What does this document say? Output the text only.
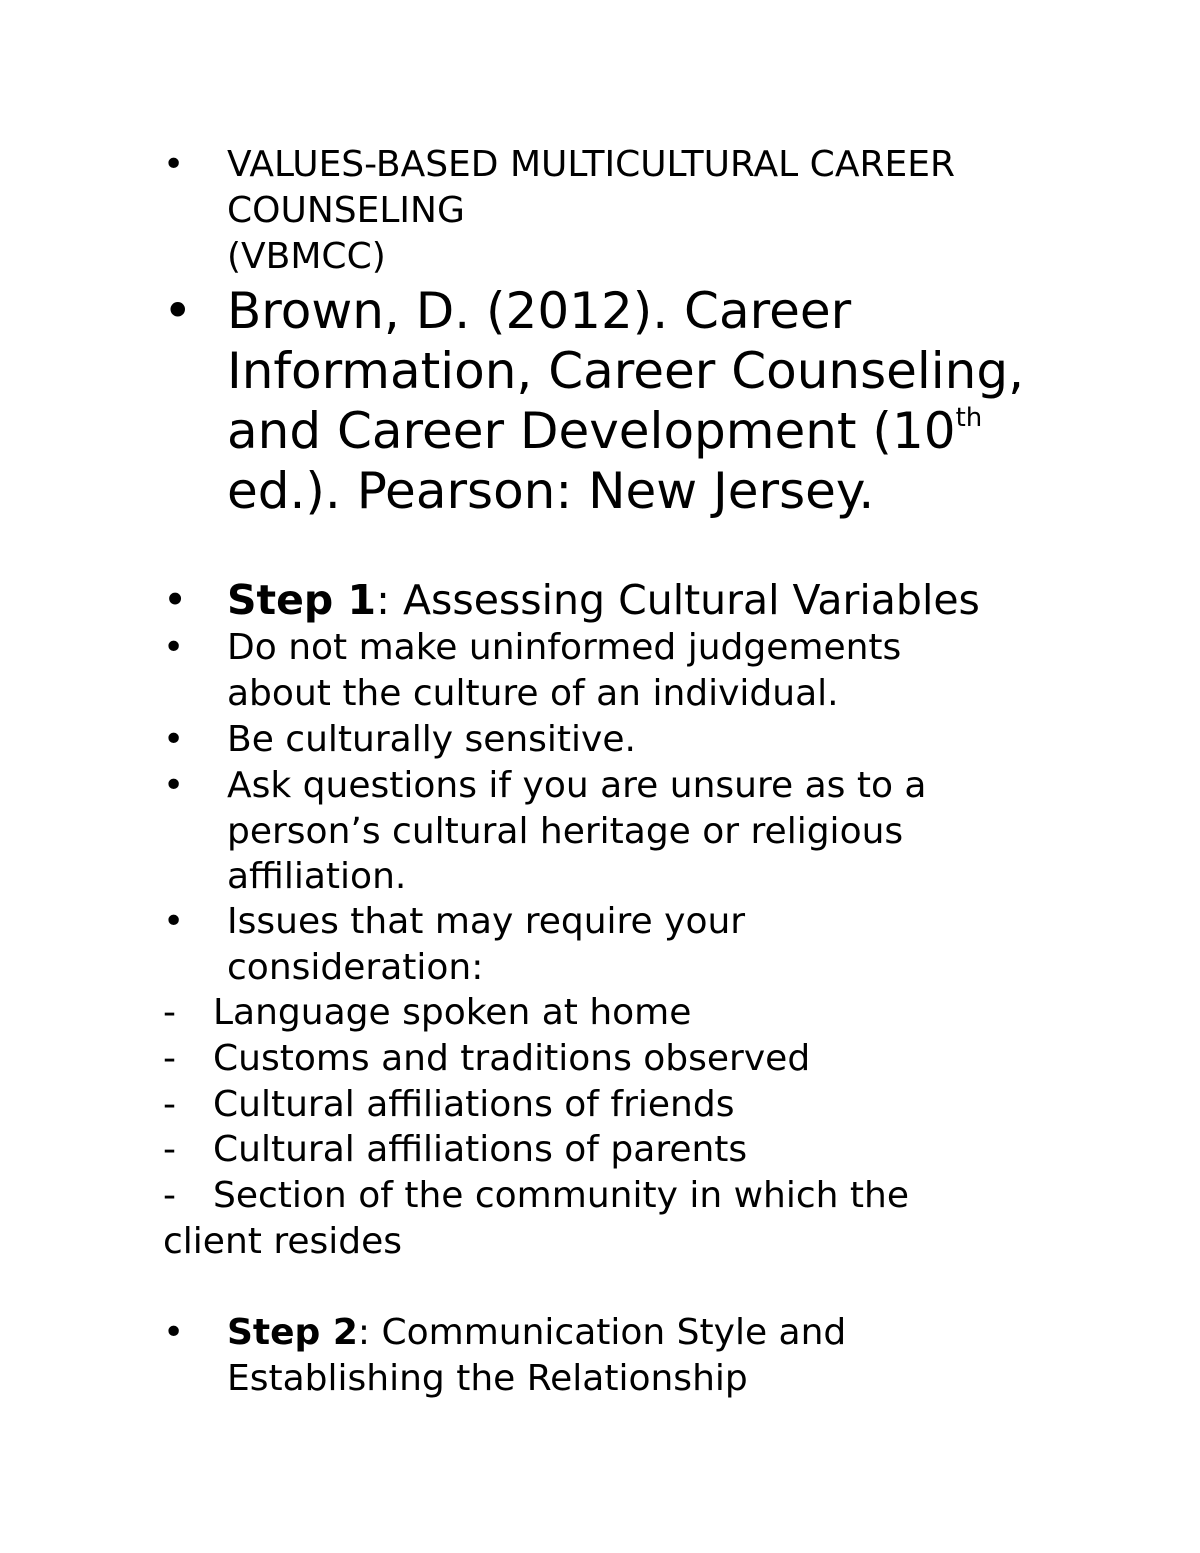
• VALUES-BASED MULTICULTURAL CAREER
COUNSELING
(VBMCC)
• Brown, D. (2012). Career
Information, Career Counseling,
and Career Development (10th
ed.). Pearson: New Jersey.
• Step 1: Assessing Cultural Variables
• Do not make uninformed judgements about the culture of an individual.
• Be culturally sensitive.
• Ask questions if you are unsure as to a person’s cultural heritage or religious affiliation.
• Issues that may require your consideration:
- Language spoken at home
- Customs and traditions observed
- Cultural affiliations of friends
- Cultural affiliations of parents
- Section of the community in which the client resides
• Step 2: Communication Style and Establishing the Relationship
